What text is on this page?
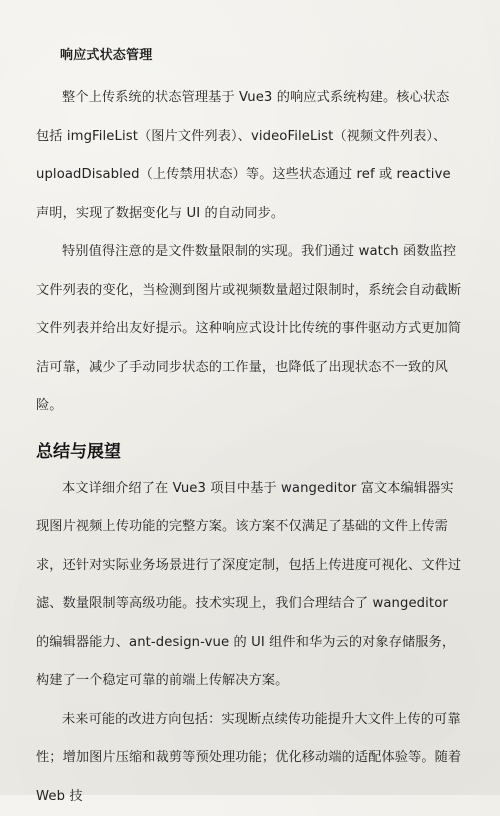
响应式状态管理

整个上传系统的状态管理基于 Vue3 的响应式系统构建。核心状态包括 imgFileList（图片文件列表）、videoFileList（视频文件列表）、uploadDisabled（上传禁用状态）等。这些状态通过 ref 或 reactive 声明，实现了数据变化与 UI 的自动同步。

特别值得注意的是文件数量限制的实现。我们通过 watch 函数监控文件列表的变化，当检测到图片或视频数量超过限制时，系统会自动截断文件列表并给出友好提示。这种响应式设计比传统的事件驱动方式更加简洁可靠，减少了手动同步状态的工作量，也降低了出现状态不一致的风险。

总结与展望

本文详细介绍了在 Vue3 项目中基于 wangeditor 富文本编辑器实现图片视频上传功能的完整方案。该方案不仅满足了基础的文件上传需求，还针对实际业务场景进行了深度定制，包括上传进度可视化、文件过滤、数量限制等高级功能。技术实现上，我们合理结合了 wangeditor 的编辑器能力、ant-design-vue 的 UI 组件和华为云的对象存储服务，构建了一个稳定可靠的前端上传解决方案。

未来可能的改进方向包括：实现断点续传功能提升大文件上传的可靠性；增加图片压缩和裁剪等预处理功能；优化移动端的适配体验等。随着 Web 技
